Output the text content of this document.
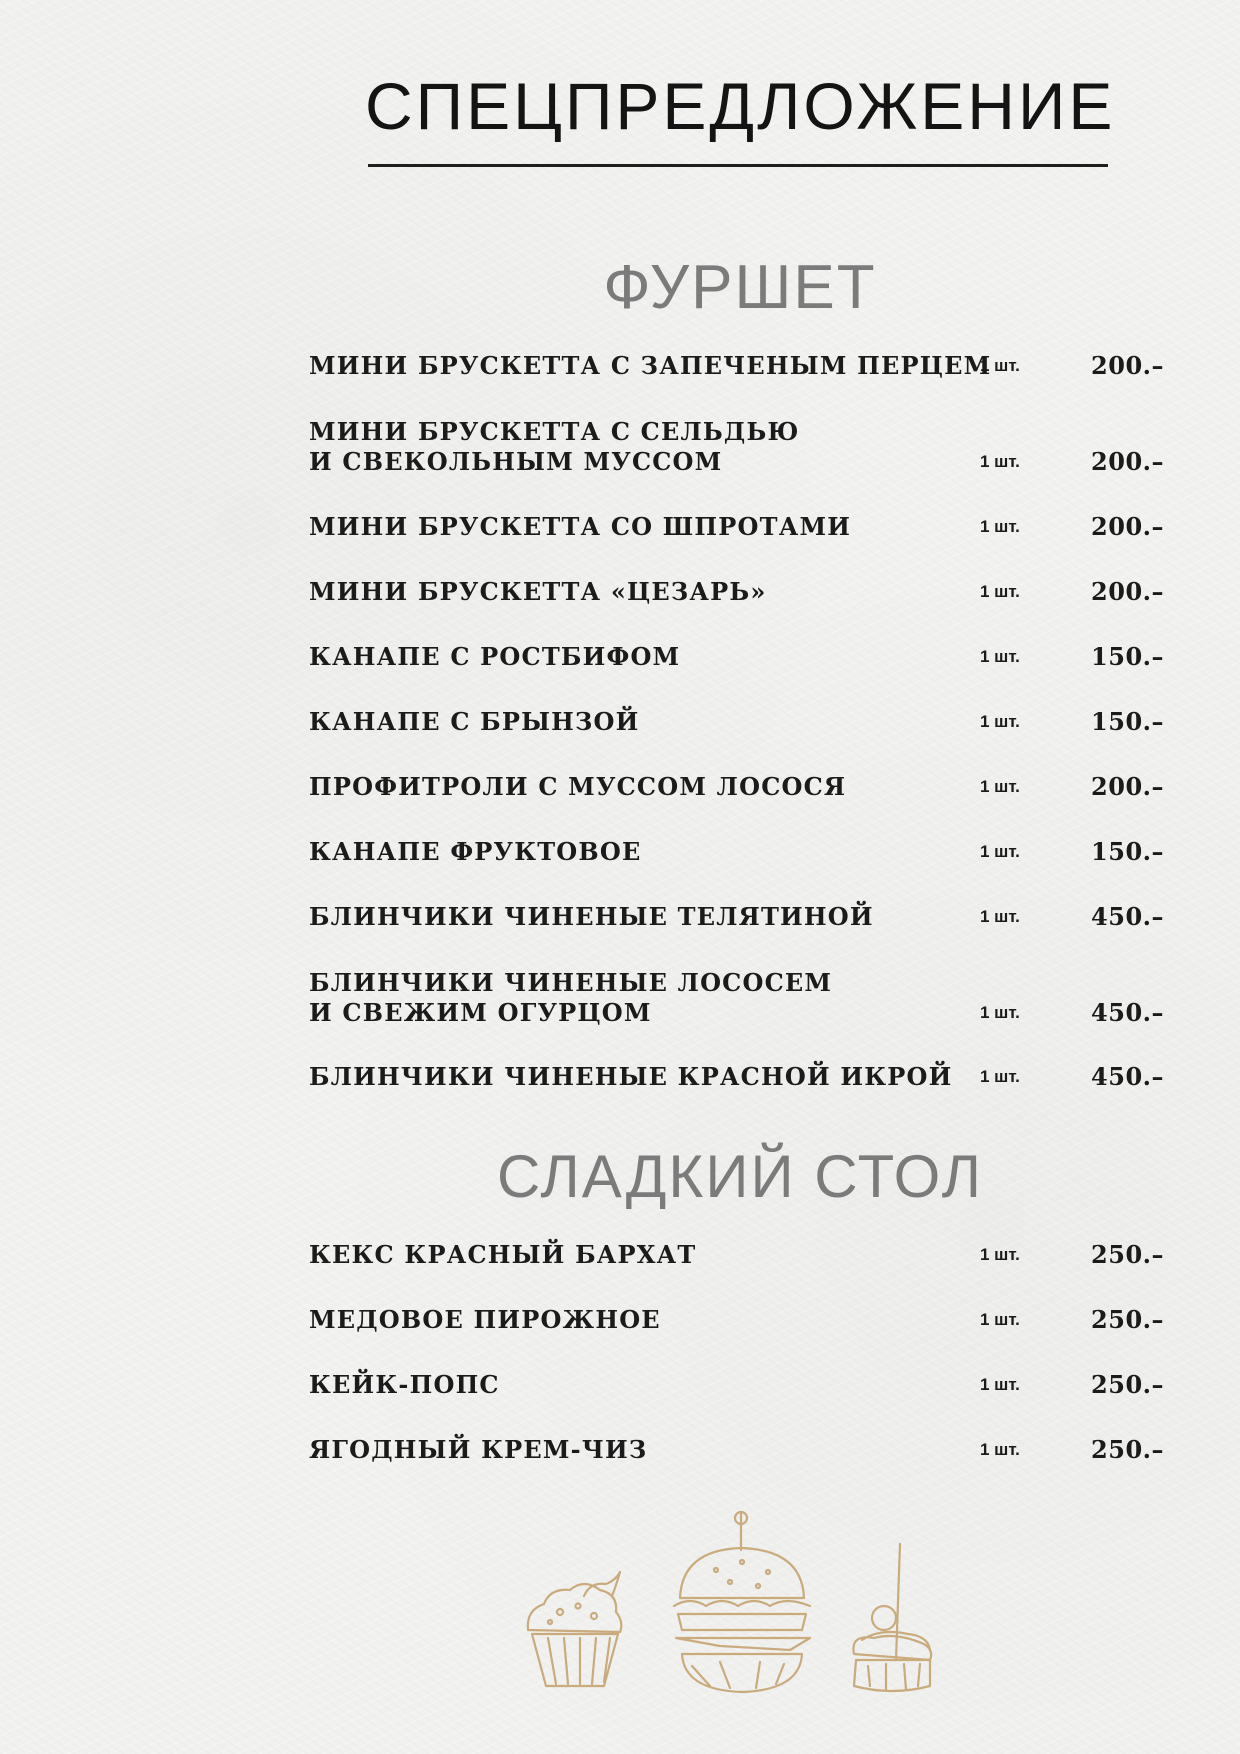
СПЕЦПРЕДЛОЖЕНИЕ
ФУРШЕТ
СЛАДКИЙ СТОЛ
МИНИ БРУСКЕТТА С ЗАПЕЧЕНЫМ ПЕРЦЕМ
1 шт.	200.–
МИНИ БРУСКЕТТА С СЕЛЬДЬЮ
И СВЕКОЛЬНЫМ МУССОМ	1 шт.	200.–
МИНИ БРУСКЕТТА СО ШПРОТАМИ	1 шт.	200.–
МИНИ БРУСКЕТТА «ЦЕЗАРЬ»	1 шт.	200.–
КАНАПЕ С РОСТБИФОМ	1 шт.	150.–
КАНАПЕ С БРЫНЗОЙ	1 шт.	150.–
ПРОФИТРОЛИ С МУССОМ ЛОСОСЯ	1 шт.	200.–
КАНАПЕ ФРУКТОВОЕ	1 шт.	150.–
БЛИНЧИКИ ЧИНЕНЫЕ ТЕЛЯТИНОЙ	1 шт.	450.–
БЛИНЧИКИ ЧИНЕНЫЕ ЛОСОСЕМ
И СВЕЖИМ ОГУРЦОМ	1 шт.	450.–
БЛИНЧИКИ ЧИНЕНЫЕ КРАСНОЙ ИКРОЙ 1 шт.	450.–
КЕКС КРАСНЫЙ БАРХАТ	1 шт.	250.–
МЕДОВОЕ ПИРОЖНОЕ	1 шт.	250.–
КЕЙК-ПОПС	1 шт.	250.–
ЯГОДНЫЙ КРЕМ-ЧИЗ	1 шт.	250.–
